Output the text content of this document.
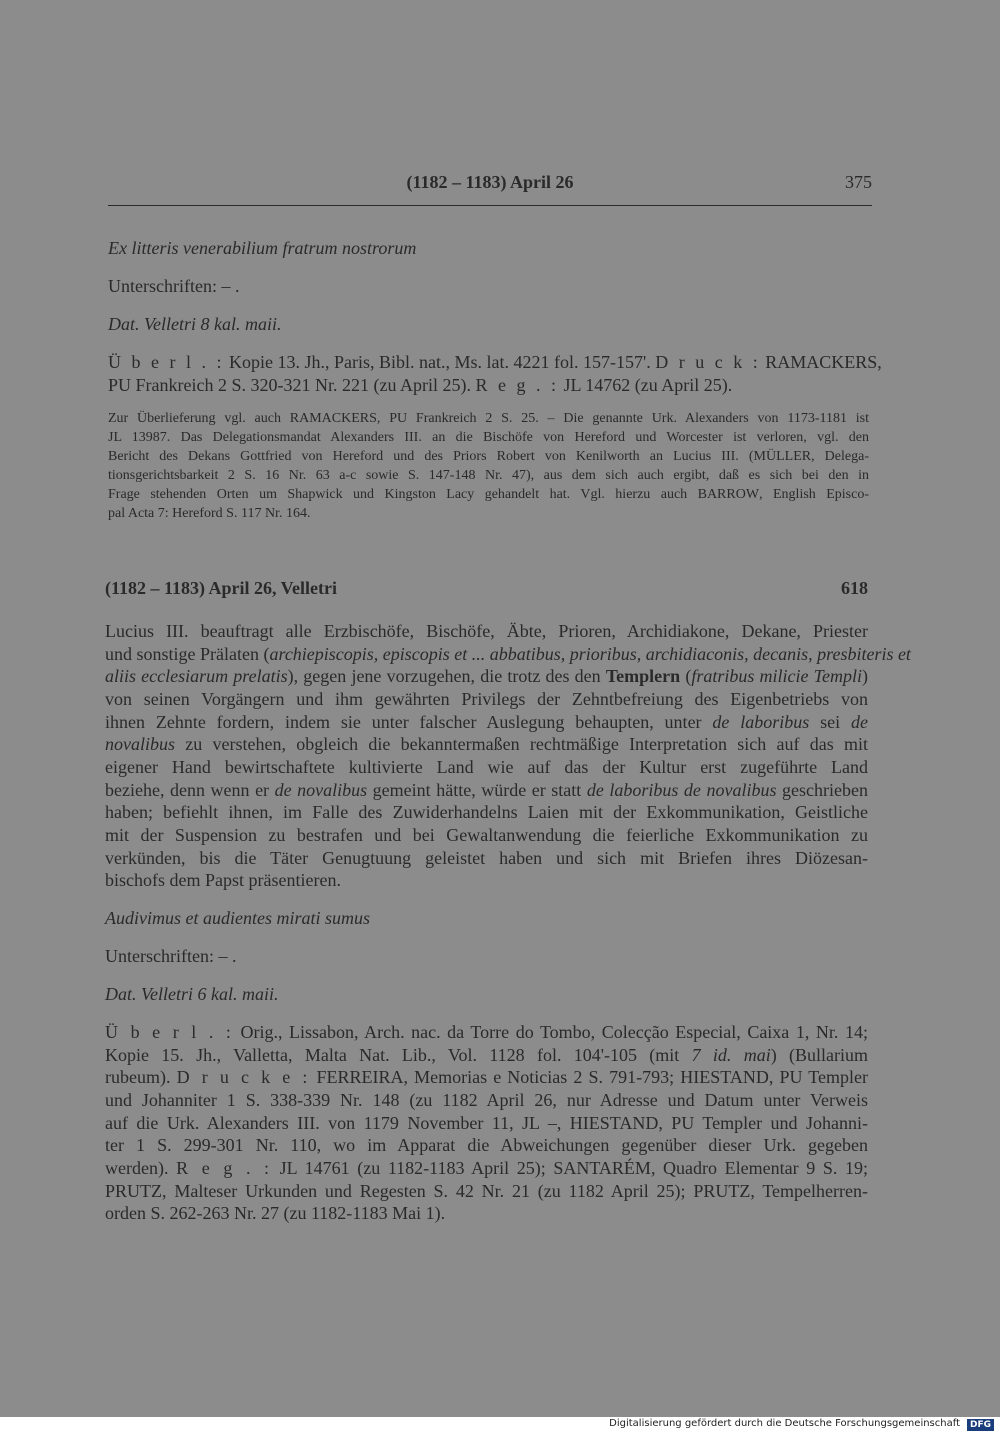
(1182 – 1183) April 26	375
Ex litteris venerabilium fratrum nostrorum
Unterschriften: – .
Dat. Velletri 8 kal. maii.
Ü b e r l . : Kopie 13. Jh., Paris, Bibl. nat., Ms. lat. 4221 fol. 157-157'. D r u c k : RAMACKERS,
PU Frankreich 2 S. 320-321 Nr. 221 (zu April 25). R e g . : JL 14762 (zu April 25).
Zur Überlieferung vgl. auch RAMACKERS, PU Frankreich 2 S. 25. – Die genannte Urk. Alexanders von 1173-1181 ist
JL 13987. Das Delegationsmandat Alexanders III. an die Bischöfe von Hereford und Worcester ist verloren, vgl. den
Bericht des Dekans Gottfried von Hereford und des Priors Robert von Kenilworth an Lucius III. (MÜLLER, Delega-
tionsgerichtsbarkeit 2 S. 16 Nr. 63 a-c sowie S. 147-148 Nr. 47), aus dem sich auch ergibt, daß es sich bei den in
Frage stehenden Orten um Shapwick und Kingston Lacy gehandelt hat. Vgl. hierzu auch BARROW, English Episco-
pal Acta 7: Hereford S. 117 Nr. 164.
(1182 – 1183) April 26, Velletri	618
Lucius III. beauftragt alle Erzbischöfe, Bischöfe, Äbte, Prioren, Archidiakone, Dekane, Priester
und sonstige Prälaten (archiepiscopis, episcopis et ... abbatibus, prioribus, archidiaconis, decanis, presbiteris et
aliis ecclesiarum prelatis), gegen jene vorzugehen, die trotz des den Templern (fratribus milicie Templi)
von seinen Vorgängern und ihm gewährten Privilegs der Zehntbefreiung des Eigenbetriebs von
ihnen Zehnte fordern, indem sie unter falscher Auslegung behaupten, unter de laboribus sei de
novalibus zu verstehen, obgleich die bekanntermaßen rechtmäßige Interpretation sich auf das mit
eigener Hand bewirtschaftete kultivierte Land wie auf das der Kultur erst zugeführte Land
beziehe, denn wenn er de novalibus gemeint hätte, würde er statt de laboribus de novalibus geschrieben
haben; befiehlt ihnen, im Falle des Zuwiderhandelns Laien mit der Exkommunikation, Geistliche
mit der Suspension zu bestrafen und bei Gewaltanwendung die feierliche Exkommunikation zu
verkünden, bis die Täter Genugtuung geleistet haben und sich mit Briefen ihres Diözesan-
bischofs dem Papst präsentieren.
Audivimus et audientes mirati sumus
Unterschriften: – .
Dat. Velletri 6 kal. maii.
Ü b e r l . : Orig., Lissabon, Arch. nac. da Torre do Tombo, Colecção Especial, Caixa 1, Nr. 14;
Kopie 15. Jh., Valletta, Malta Nat. Lib., Vol. 1128 fol. 104'-105 (mit 7 id. mai) (Bullarium
rubeum). D r u c k e : FERREIRA, Memorias e Noticias 2 S. 791-793; HIESTAND, PU Templer
und Johanniter 1 S. 338-339 Nr. 148 (zu 1182 April 26, nur Adresse und Datum unter Verweis
auf die Urk. Alexanders III. von 1179 November 11, JL –, HIESTAND, PU Templer und Johanni-
ter 1 S. 299-301 Nr. 110, wo im Apparat die Abweichungen gegenüber dieser Urk. gegeben
werden). R e g . : JL 14761 (zu 1182-1183 April 25); SANTARÉM, Quadro Elementar 9 S. 19;
PRUTZ, Malteser Urkunden und Regesten S. 42 Nr. 21 (zu 1182 April 25); PRUTZ, Tempelherren-
orden S. 262-263 Nr. 27 (zu 1182-1183 Mai 1).
Digitalisierung gefördert durch die Deutsche Forschungsgemeinschaft	DFG
